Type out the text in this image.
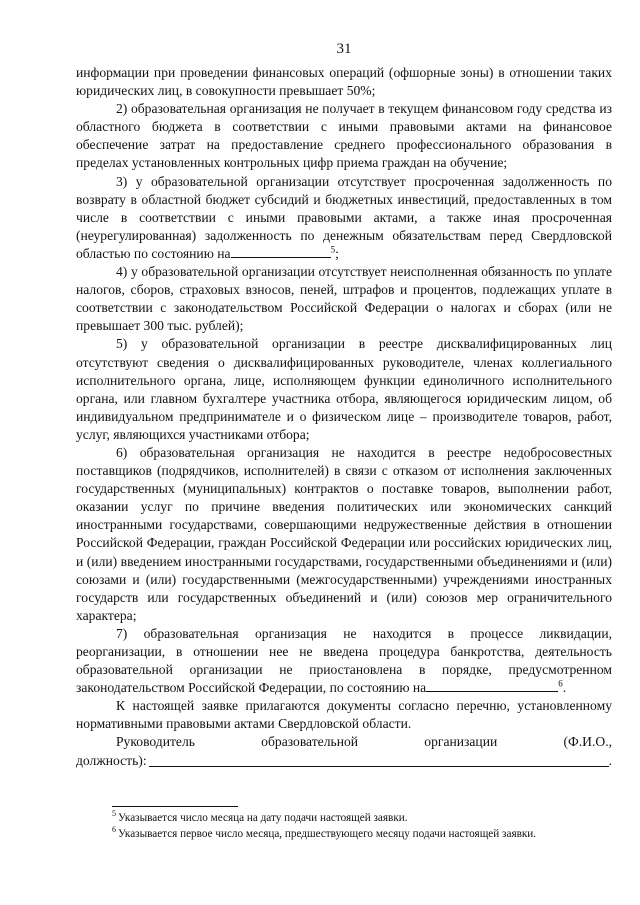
31

информации при проведении финансовых операций (офшорные зоны) в отношении таких юридических лиц, в совокупности превышает 50%;

2) образовательная организация не получает в текущем финансовом году средства из областного бюджета в соответствии с иными правовыми актами на финансовое обеспечение затрат на предоставление среднего профессионального образования в пределах установленных контрольных цифр приема граждан на обучение;

3) у образовательной организации отсутствует просроченная задолженность по возврату в областной бюджет субсидий и бюджетных инвестиций, предоставленных в том числе в соответствии с иными правовыми актами, а также иная просроченная (неурегулированная) задолженность по денежным обязательствам перед Свердловской областью по состоянию на	$^5$;

4) у образовательной организации отсутствует неисполненная обязанность по уплате налогов, сборов, страховых взносов, пеней, штрафов и процентов, подлежащих уплате в соответствии с законодательством Российской Федерации о налогах и сборах (или не превышает 300 тыс. рублей);

5) у образовательной организации в реестре дисквалифицированных лиц отсутствуют сведения о дисквалифицированных руководителе, членах коллегиального исполнительного органа, лице, исполняющем функции единоличного исполнительного органа, или главном бухгалтере участника отбора, являющегося юридическим лицом, об индивидуальном предпринимателе и о физическом лице – производителе товаров, работ, услуг, являющихся участниками отбора;

6) образовательная организация не находится в реестре недобросовестных поставщиков (подрядчиков, исполнителей) в связи с отказом от исполнения заключенных государственных (муниципальных) контрактов о поставке товаров, выполнении работ, оказании услуг по причине введения политических или экономических санкций иностранными государствами, совершающими недружественные действия в отношении Российской Федерации, граждан Российской Федерации или российских юридических лиц, и (или) введением иностранными государствами, государственными объединениями и (или) союзами и (или) государственными (межгосударственными) учреждениями иностранных государств или государственных объединений и (или) союзов мер ограничительного характера;

7) образовательная организация не находится в процессе ликвидации, реорганизации, в отношении нее не введена процедура банкротства, деятельность образовательной организации не приостановлена в порядке, предусмотренном законодательством Российской Федерации, по состоянию на	$^6$.

К настоящей заявке прилагаются документы согласно перечню, установленному нормативными правовыми актами Свердловской области.

Руководитель образовательной организации (Ф.И.О.,

должность):	.

$^5$ Указывается число месяца на дату подачи настоящей заявки.

$^6$ Указывается первое число месяца, предшествующего месяцу подачи настоящей заявки.
